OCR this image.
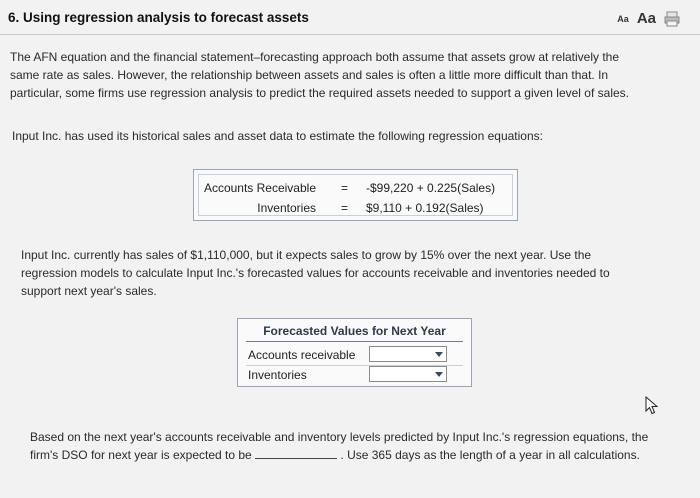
6. Using regression analysis to forecast assets	Aa Aa
The AFN equation and the financial statement–forecasting approach both assume that assets grow at relatively the
same rate as sales. However, the relationship between assets and sales is often a little more difficult than that. In
particular, some firms use regression analysis to predict the required assets needed to support a given level of sales.
Input Inc. has used its historical sales and asset data to estimate the following regression equations:
Accounts Receivable = -$99,220 + 0.225(Sales)
Inventories = $9,110 + 0.192(Sales)
Input Inc. currently has sales of $1,110,000, but it expects sales to grow by 15% over the next year. Use the
regression models to calculate Input Inc.'s forecasted values for accounts receivable and inventories needed to
support next year's sales.
Forecasted Values for Next Year
Accounts receivable
Inventories
Based on the next year's accounts receivable and inventory levels predicted by Input Inc.'s regression equations, the
firm's DSO for next year is expected to be	. Use 365 days as the length of a year in all calculations.
